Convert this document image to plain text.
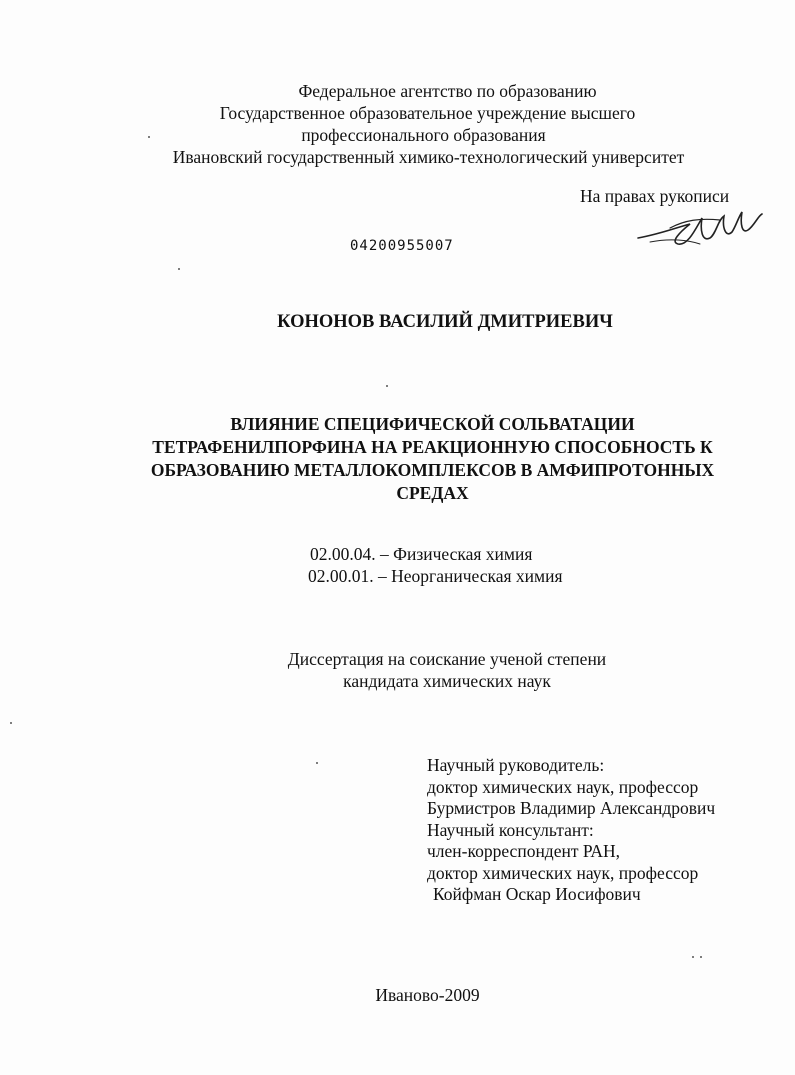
Федеральное агентство по образованию
Государственное образовательное учреждение высшего
профессионального образования
Ивановский государственный химико-технологический университет
На правах рукописи
04200955007
КОНОНОВ ВАСИЛИЙ ДМИТРИЕВИЧ
ВЛИЯНИЕ СПЕЦИФИЧЕСКОЙ СОЛЬВАТАЦИИ
ТЕТРАФЕНИЛПОРФИНА НА РЕАКЦИОННУЮ СПОСОБНОСТЬ К
ОБРАЗОВАНИЮ МЕТАЛЛОКОМПЛЕКСОВ В АМФИПРОТОННЫХ
СРЕДАХ
02.00.04. – Физическая химия
02.00.01. – Неорганическая химия
Диссертация на соискание ученой степени
кандидата химических наук
Научный руководитель:
доктор химических наук, профессор
Бурмистров Владимир Александрович
Научный консультант:
член-корреспондент РАН,
доктор химических наук, профессор
Койфман Оскар Иосифович
Иваново-2009
